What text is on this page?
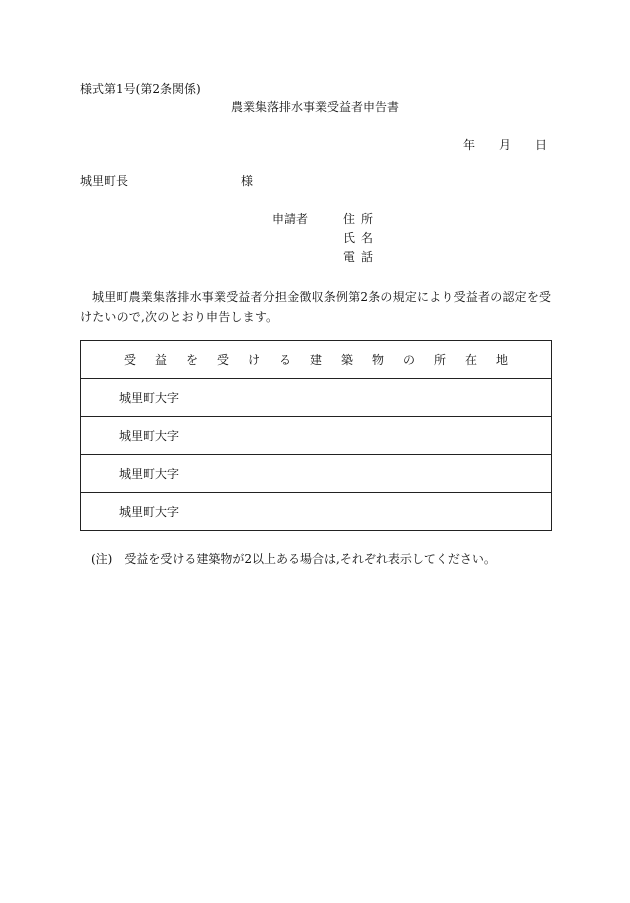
様式第1号(第2条関係)
農業集落排水事業受益者申告書
年 月 日
城里町長	様
申請者	住所
氏名
電話
城里町農業集落排水事業受益者分担金徴収条例第2条の規定により受益者の認定を受けたいので,次のとおり申告します。
受益を受ける建築物の所在地
城里町大字
城里町大字
城里町大字
城里町大字
(注) 受益を受ける建築物が2以上ある場合は,それぞれ表示してください。
